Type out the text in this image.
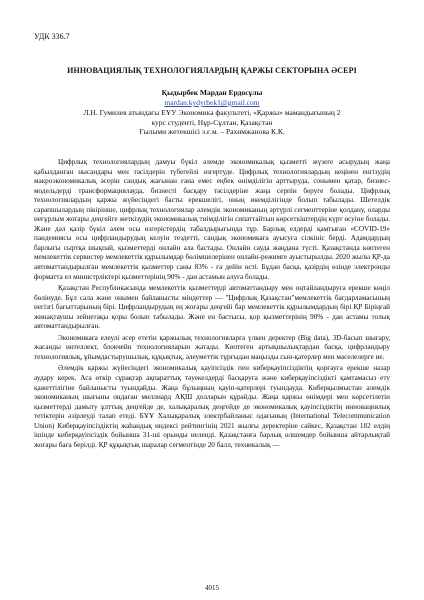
УДК 336.7
ИННОВАЦИЯЛЫҚ ТЕХНОЛОГИЯЛАРДЫҢ ҚАРЖЫ СЕКТОРЫНА ӘСЕРІ
Қыдырбек Мардан Ердосұлы
mardan.kydyrbek1@gmail.com
Л.Н. Гумилев атындағы ЕҰУ Экономика факультеті, «Қаржы» мамандығының 2
курс студенті, Нұр-Сұлтан, Қазақстан
Ғылыми жетекшісі э.ғ.м. – Рахимжанова К.К.

Цифрлық технологиялардың дамуы бүкіл әлемде экономикалық қызметті жүзеге асырудың жаңа қабылданған нысандары мен тәсілдерін түбегейлі өзгертуде. Цифрлық технологиялардың кеңінен енгізудің макроэкономикалық әсерін сандық жағынан ғана емес еңбек өнімділігін арттыруда, сонымен қатар, бизнес-модельдерді трансформациялауда, бизнесті басқару тәсілдеріне жаңа серпін беруге болады. Цифрлық технологиялардың қаржы жүйесіндегі басты ерекшелігі, оның икемділігінде болып табылады. Шетелдік сарапшылардың пікірінше, цифрлық технологиялар әлемдік экономиканың әртүрлі сегменттеріне қолдану, оларды неғұрлым жоғары деңгейге жеткізудің экономикалық тиімділігін сипаттайтын көрсеткіштердің күрт өсуіне болады. Және дәл қазір бүкіл әлем осы өзгерістердің табалдырығында тұр. Барлық елдерді қамтыған «COVID-19» пандемиясы осы цифрландырудың келуін тездетті, сандық экономикаға ауысуға сілкініс берді. Адамдардың барлығы сыртқа шықпай, қызметтерді онлайн ала бастады. Онлайн сауда жаңдана түсті. Қазақстанда көптеген мемлекеттік сервистер мемлекеттік құрылымдар бөлімшелерінен онлайн-режимге ауыстырылды. 2020 жылы ҚР-да автоматтандырылған мемлекеттік қызметтер саны 83% - ға дейін өсті. Бұдан басқа, қазірдің өзінде электронды форматта ел министрліктері қызметтерінің 90% - дан астамын алуға болады.

Қазақстан Республикасында мемлекеттік қызметтерді автоматтандыру мен оңтайландыруға ерекше көңіл бөлінуде. Бұл сала және онымен байланысты міндеттер — "Цифрлық Қазақстан"мемлекеттік бағдарламасының негізгі бағыттарының бірі. Цифрландырудың ең жоғары деңгейі бар мемлекеттік құрылымдардың бірі ҚР Біріңғай жинақтаушы зейнетақы қоры болып табылады. Және ен бастысы, қор қызметтерінің 90% - дан астамы толық автоматтандырылған.

Экономикаға елеулі әсер ететін қаржылық технологияларға үлкен деректер (Big data), 3D-басып шығару, жасанды интеллект, блокчейн технологияларын жатады. Көптеген артықшылықтардан басқа, цифрландыру технологиялық, ұйымдастырушылық, құқықтық, әлеуметтік тұрғыдан маңызды сын-қатерлер мен мәселелерге ие.

Әлемдік қаржы жүйесіндегі экономикалық қауіпсіздік пен киберқауіпсіздіктің қорғауға ерекше назар аудару керек. Аса өткір сұрақтар ақпараттық тәуекелдерді басқаруға және киберқауіпсіздікті қамтамасыз ету қажеттілігіне байланысты туындайды. Жаңа бұлыңның қауіп-қатерлері туындауда. Киберқылмыстан әлемдік экономиканың шығыны ондаған миллиард АҚШ долларын құрайды. Жаңа қаржы өнімдері мен көрсетілетін қызметтерді дамыту ұлттық деңгейде де, халықаралық деңгейде де экономикалық қауіпсіздіктің инновациялық тетіктерін әзірлеуді талап етеді. БҰҰ Халықаралық электрбайланыс одағының (International Telecommunication Union) Киберқауіпсіздіктің жаһандық индексі рейтингінің 2021 жылғы деректеріне сәйкес, Қазақстан 182 елдің ішінде киберқауіпсіздік бойынша 31-ші орынды иеленді. Қазақстанға барлық өлшемдер бойынша айтарлықтай жоғары баға берілді. ҚР құқықтық шаралар сегментінде 20 балл, техникалық —

4015
